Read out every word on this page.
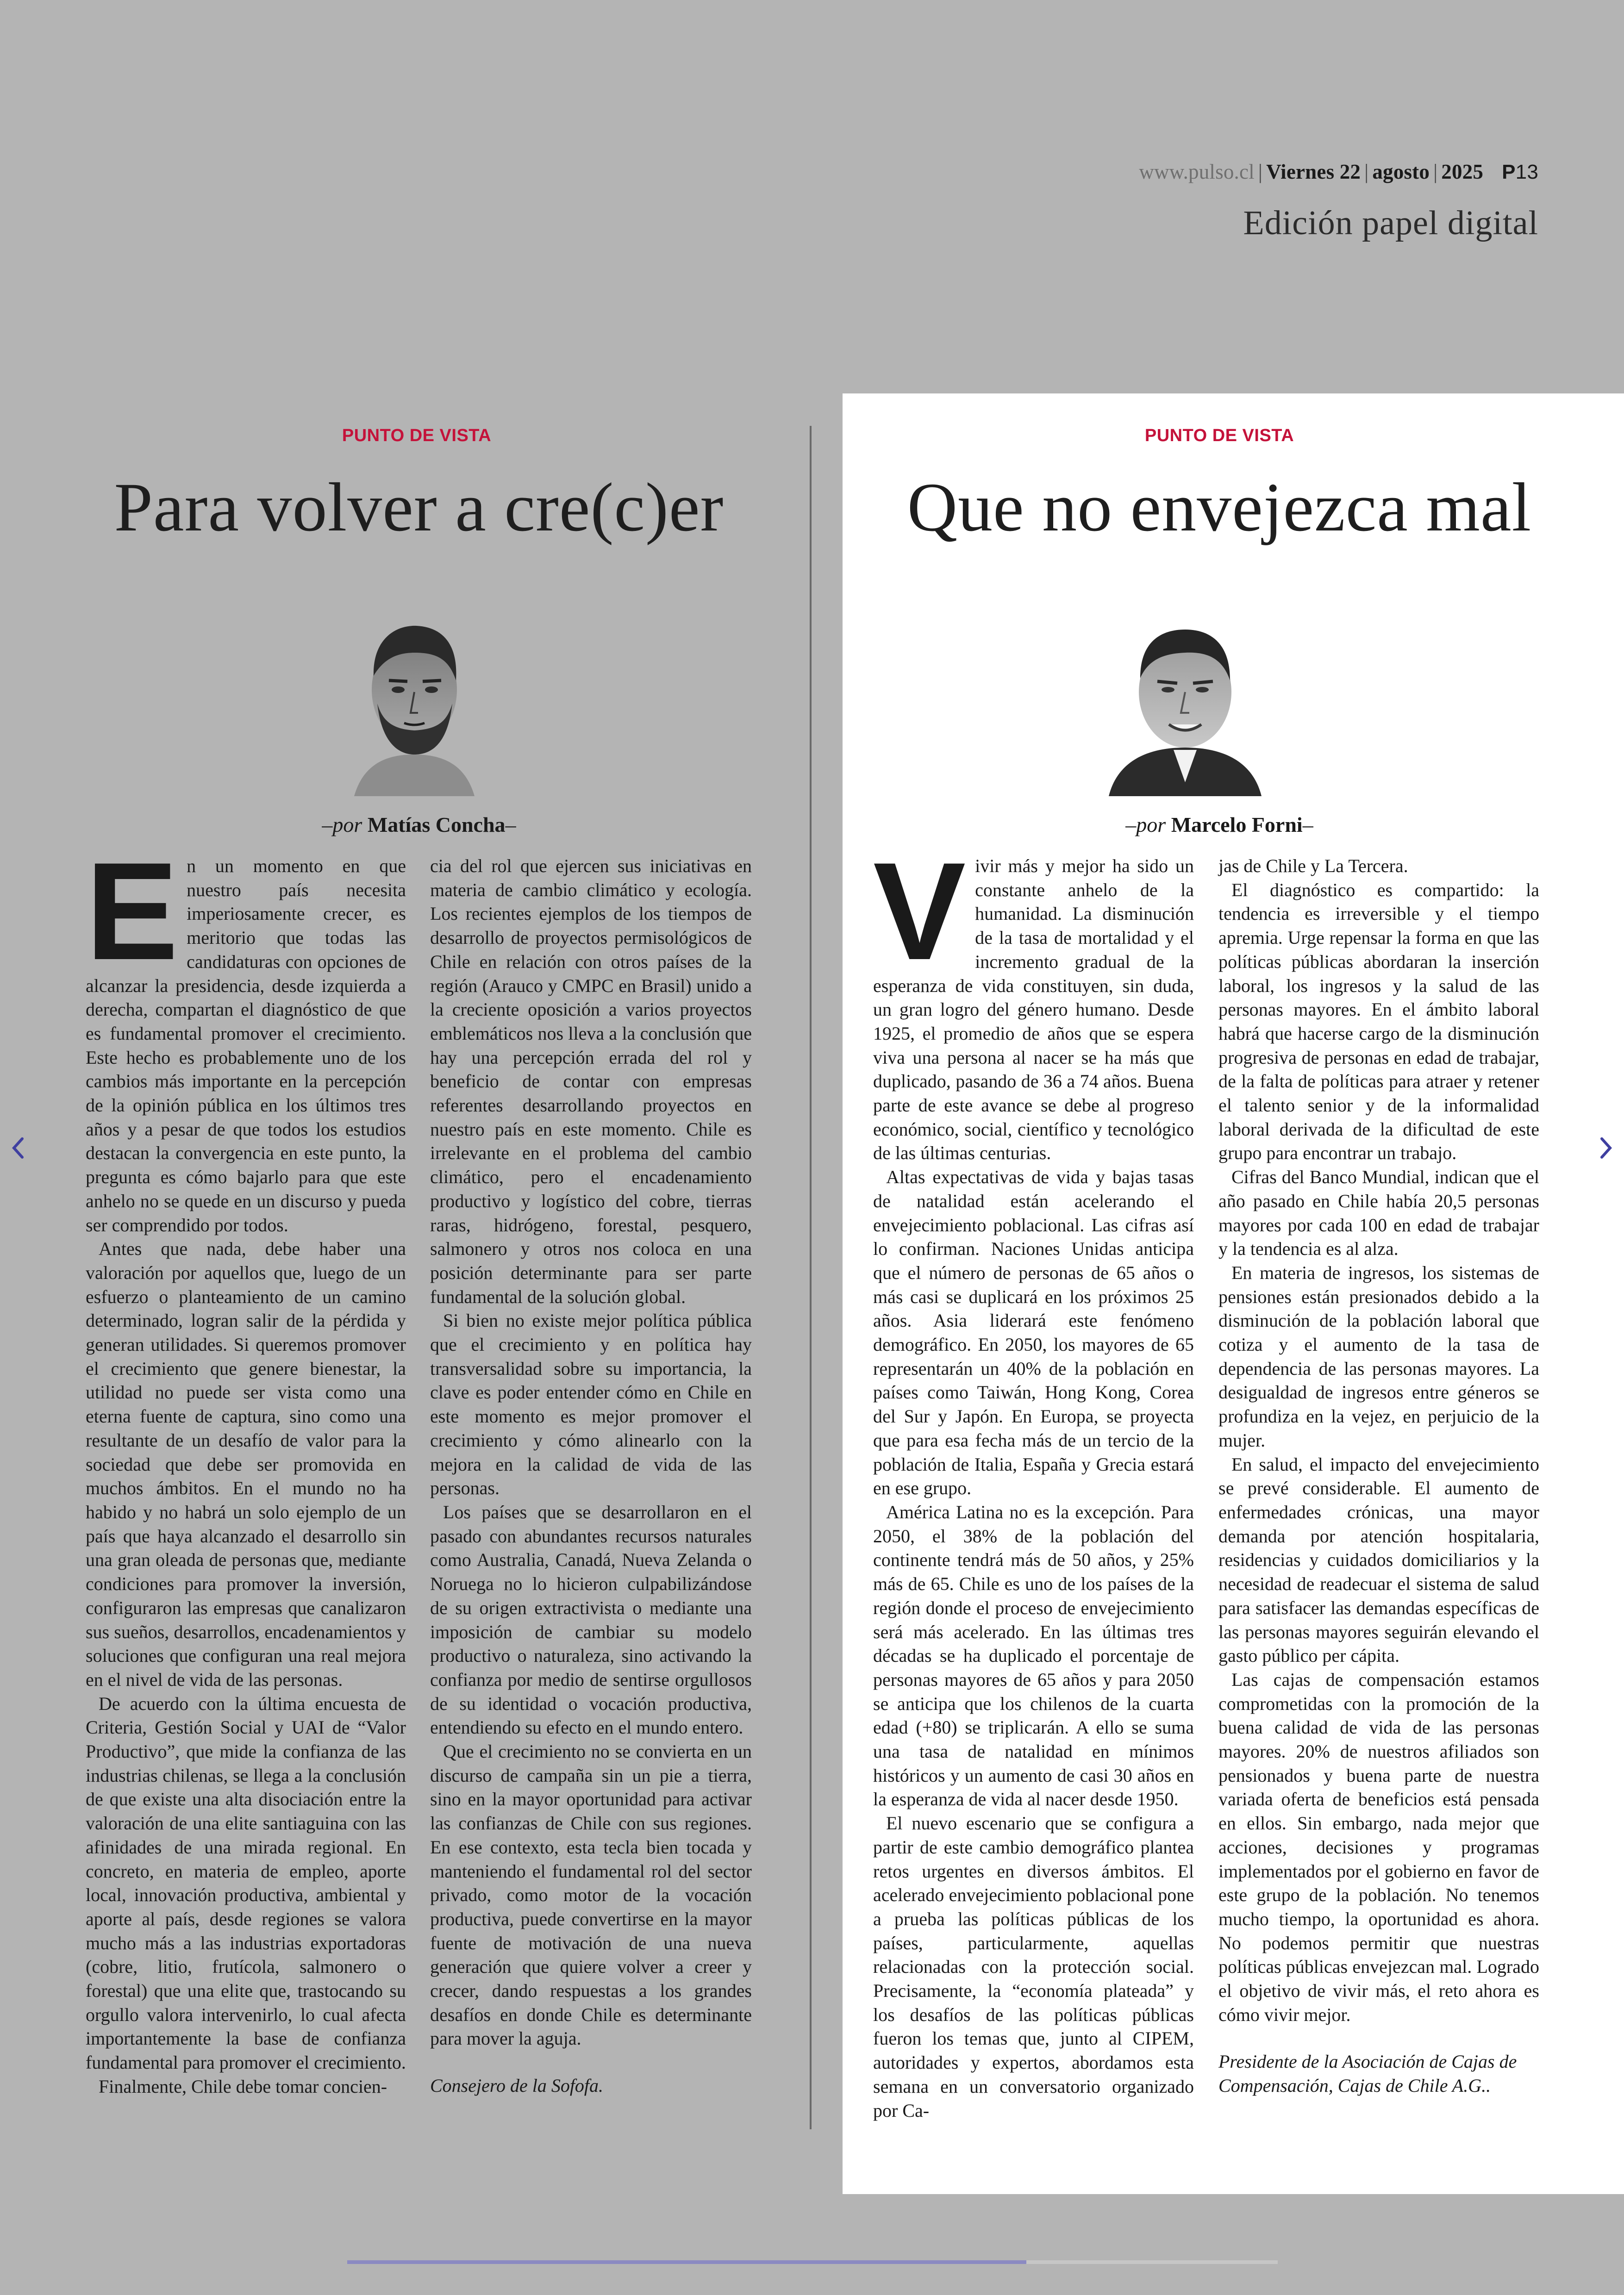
www.pulso.cl | Viernes 22 | agosto | 2025 P13
Edición papel digital
PUNTO DE VISTA
Para volver a cre(c)er
–por Matías Concha–

En un momento en que nuestro país necesita imperiosamente crecer, es meritorio que todas las candidaturas con opciones de alcanzar la presidencia, desde izquierda a derecha, compartan el diagnóstico de que es fundamental promover el crecimiento. Este hecho es probablemente uno de los cambios más importante en la percepción de la opinión pública en los últimos tres años y a pesar de que todos los estudios destacan la convergencia en este punto, la pregunta es cómo bajarlo para que este anhelo no se quede en un discurso y pueda ser comprendido por todos.

Antes que nada, debe haber una valoración por aquellos que, luego de un esfuerzo o planteamiento de un camino determinado, logran salir de la pérdida y generan utilidades. Si queremos promover el crecimiento que genere bienestar, la utilidad no puede ser vista como una eterna fuente de captura, sino como una resultante de un desafío de valor para la sociedad que debe ser promovida en muchos ámbitos. En el mundo no ha habido y no habrá un solo ejemplo de un país que haya alcanzado el desarrollo sin una gran oleada de personas que, mediante condiciones para promover la inversión, configuraron las empresas que canalizaron sus sueños, desarrollos, encadenamientos y soluciones que configuran una real mejora en el nivel de vida de las personas.

De acuerdo con la última encuesta de Criteria, Gestión Social y UAI de “Valor Productivo”, que mide la confianza de las industrias chilenas, se llega a la conclusión de que existe una alta disociación entre la valoración de una elite santiaguina con las afinidades de una mirada regional. En concreto, en materia de empleo, aporte local, innovación productiva, ambiental y aporte al país, desde regiones se valora mucho más a las industrias exportadoras (cobre, litio, frutícola, salmonero o forestal) que una elite que, trastocando su orgullo valora intervenirlo, lo cual afecta importantemente la base de confianza fundamental para promover el crecimiento.

Finalmente, Chile debe tomar concien-

cia del rol que ejercen sus iniciativas en materia de cambio climático y ecología. Los recientes ejemplos de los tiempos de desarrollo de proyectos permisológicos de Chile en relación con otros países de la región (Arauco y CMPC en Brasil) unido a la creciente oposición a varios proyectos emblemáticos nos lleva a la conclusión que hay una percepción errada del rol y beneficio de contar con empresas referentes desarrollando proyectos en nuestro país en este momento. Chile es irrelevante en el problema del cambio climático, pero el encadenamiento productivo y logístico del cobre, tierras raras, hidrógeno, forestal, pesquero, salmonero y otros nos coloca en una posición determinante para ser parte fundamental de la solución global.

Si bien no existe mejor política pública que el crecimiento y en política hay transversalidad sobre su importancia, la clave es poder entender cómo en Chile en este momento es mejor promover el crecimiento y cómo alinearlo con la mejora en la calidad de vida de las personas.

Los países que se desarrollaron en el pasado con abundantes recursos naturales como Australia, Canadá, Nueva Zelanda o Noruega no lo hicieron culpabilizándose de su origen extractivista o mediante una imposición de cambiar su modelo productivo o naturaleza, sino activando la confianza por medio de sentirse orgullosos de su identidad o vocación productiva, entendiendo su efecto en el mundo entero.

Que el crecimiento no se convierta en un discurso de campaña sin un pie a tierra, sino en la mayor oportunidad para activar las confianzas de Chile con sus regiones. En ese contexto, esta tecla bien tocada y manteniendo el fundamental rol del sector privado, como motor de la vocación productiva, puede convertirse en la mayor fuente de motivación de una nueva generación que quiere volver a creer y crecer, dando respuestas a los grandes desafíos en donde Chile es determinante para mover la aguja.

Consejero de la Sofofa.

PUNTO DE VISTA
Que no envejezca mal
–por Marcelo Forni–

Vivir más y mejor ha sido un constante anhelo de la humanidad. La disminución de la tasa de mortalidad y el incremento gradual de la esperanza de vida constituyen, sin duda, un gran logro del género humano. Desde 1925, el promedio de años que se espera viva una persona al nacer se ha más que duplicado, pasando de 36 a 74 años. Buena parte de este avance se debe al progreso económico, social, científico y tecnológico de las últimas centurias.

Altas expectativas de vida y bajas tasas de natalidad están acelerando el envejecimiento poblacional. Las cifras así lo confirman. Naciones Unidas anticipa que el número de personas de 65 años o más casi se duplicará en los próximos 25 años. Asia liderará este fenómeno demográfico. En 2050, los mayores de 65 representarán un 40% de la población en países como Taiwán, Hong Kong, Corea del Sur y Japón. En Europa, se proyecta que para esa fecha más de un tercio de la población de Italia, España y Grecia estará en ese grupo.

América Latina no es la excepción. Para 2050, el 38% de la población del continente tendrá más de 50 años, y 25% más de 65. Chile es uno de los países de la región donde el proceso de envejecimiento será más acelerado. En las últimas tres décadas se ha duplicado el porcentaje de personas mayores de 65 años y para 2050 se anticipa que los chilenos de la cuarta edad (+80) se triplicarán. A ello se suma una tasa de natalidad en mínimos históricos y un aumento de casi 30 años en la esperanza de vida al nacer desde 1950.

El nuevo escenario que se configura a partir de este cambio demográfico plantea retos urgentes en diversos ámbitos. El acelerado envejecimiento poblacional pone a prueba las políticas públicas de los países, particularmente, aquellas relacionadas con la protección social. Precisamente, la “economía plateada” y los desafíos de las políticas públicas fueron los temas que, junto al CIPEM, autoridades y expertos, abordamos esta semana en un conversatorio organizado por Ca-

jas de Chile y La Tercera.

El diagnóstico es compartido: la tendencia es irreversible y el tiempo apremia. Urge repensar la forma en que las políticas públicas abordaran la inserción laboral, los ingresos y la salud de las personas mayores. En el ámbito laboral habrá que hacerse cargo de la disminución progresiva de personas en edad de trabajar, de la falta de políticas para atraer y retener el talento senior y de la informalidad laboral derivada de la dificultad de este grupo para encontrar un trabajo.

Cifras del Banco Mundial, indican que el año pasado en Chile había 20,5 personas mayores por cada 100 en edad de trabajar y la tendencia es al alza.

En materia de ingresos, los sistemas de pensiones están presionados debido a la disminución de la población laboral que cotiza y el aumento de la tasa de dependencia de las personas mayores. La desigualdad de ingresos entre géneros se profundiza en la vejez, en perjuicio de la mujer.

En salud, el impacto del envejecimiento se prevé considerable. El aumento de enfermedades crónicas, una mayor demanda por atención hospitalaria, residencias y cuidados domiciliarios y la necesidad de readecuar el sistema de salud para satisfacer las demandas específicas de las personas mayores seguirán elevando el gasto público per cápita.

Las cajas de compensación estamos comprometidas con la promoción de la buena calidad de vida de las personas mayores. 20% de nuestros afiliados son pensionados y buena parte de nuestra variada oferta de beneficios está pensada en ellos. Sin embargo, nada mejor que acciones, decisiones y programas implementados por el gobierno en favor de este grupo de la población. No tenemos mucho tiempo, la oportunidad es ahora. No podemos permitir que nuestras políticas públicas envejezcan mal. Logrado el objetivo de vivir más, el reto ahora es cómo vivir mejor.

Presidente de la Asociación de Cajas de Compensación, Cajas de Chile A.G..
